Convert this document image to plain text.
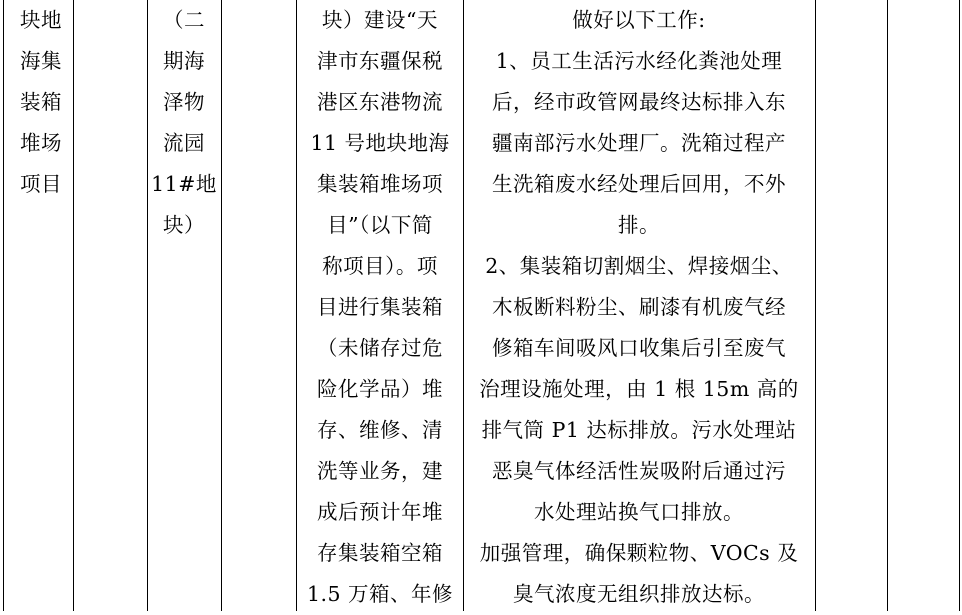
块地
海集
装箱
堆场
项目
（二
期海
泽物
流园
11#地
块）
块）建设“天
津市东疆保税
港区东港物流
11 号地块地海
集装箱堆场项
目”（以下简
称项目）。项
目进行集装箱
（未储存过危
险化学品）堆
存、维修、清
洗等业务，建
成后预计年堆
存集装箱空箱
1.5 万箱、年修
做好以下工作:
1、员工生活污水经化粪池处理
后，经市政管网最终达标排入东
疆南部污水处理厂。洗箱过程产
生洗箱废水经处理后回用，不外
排。
2、集装箱切割烟尘、焊接烟尘、
木板断料粉尘、刷漆有机废气经
修箱车间吸风口收集后引至废气
治理设施处理，由 1 根 15m 高的
排气筒 P1 达标排放。污水处理站
恶臭气体经活性炭吸附后通过污
水处理站换气口排放。
加强管理，确保颗粒物、VOCs 及
臭气浓度无组织排放达标。
